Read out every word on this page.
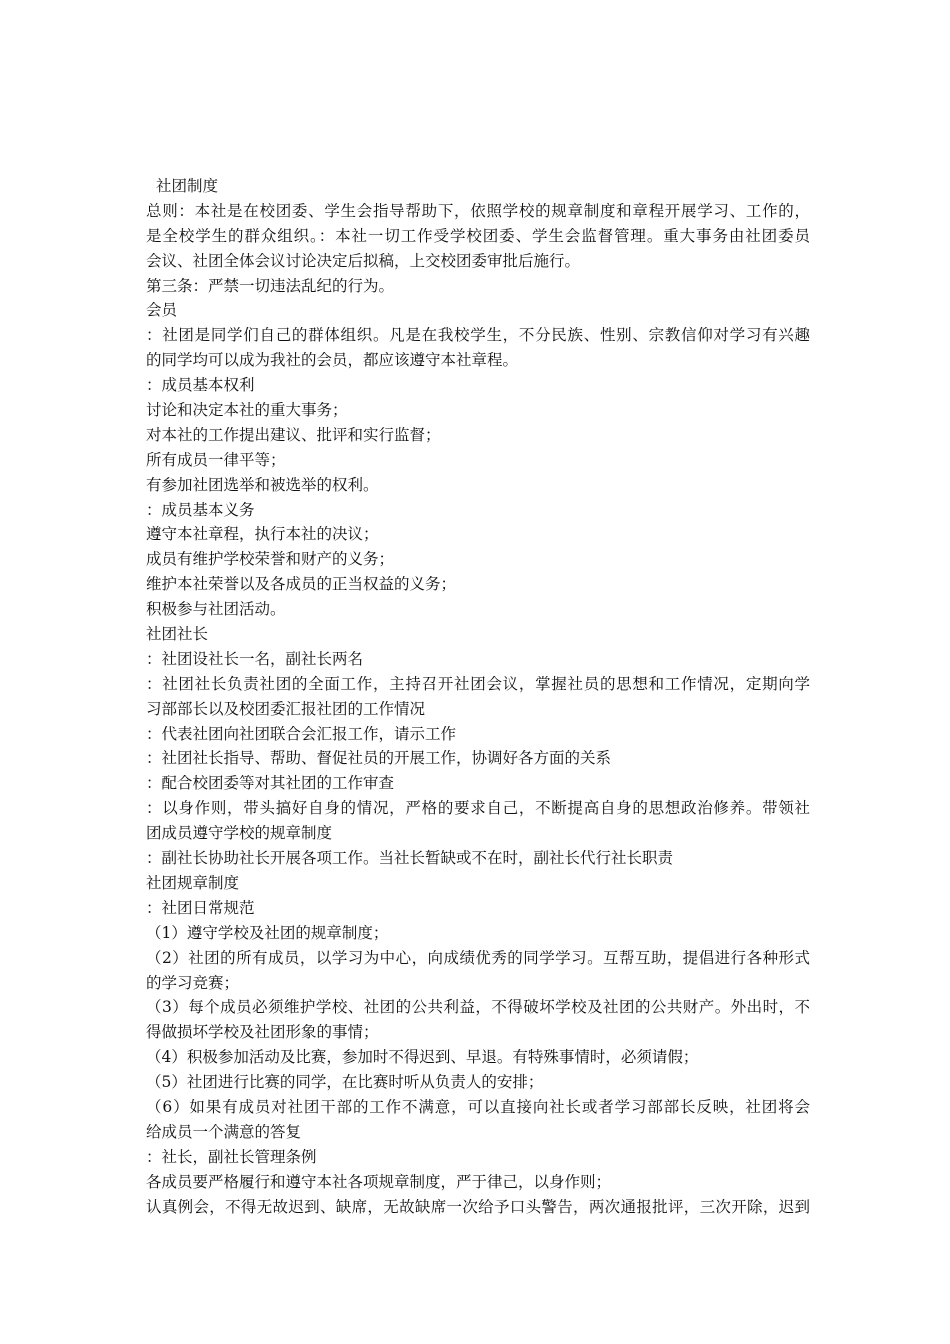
社团制度
总则：本社是在校团委、学生会指导帮助下，依照学校的规章制度和章程开展学习、工作的，
是全校学生的群众组织。：本社一切工作受学校团委、学生会监督管理。重大事务由社团委员
会议、社团全体会议讨论决定后拟稿，上交校团委审批后施行。
第三条：严禁一切违法乱纪的行为。
会员
：社团是同学们自己的群体组织。凡是在我校学生，不分民族、性别、宗教信仰对学习有兴趣
的同学均可以成为我社的会员，都应该遵守本社章程。
：成员基本权利
讨论和决定本社的重大事务；
对本社的工作提出建议、批评和实行监督；
所有成员一律平等；
有参加社团选举和被选举的权利。
：成员基本义务
遵守本社章程，执行本社的决议；
成员有维护学校荣誉和财产的义务；
维护本社荣誉以及各成员的正当权益的义务；
积极参与社团活动。
社团社长
：社团设社长一名，副社长两名
：社团社长负责社团的全面工作，主持召开社团会议，掌握社员的思想和工作情况，定期向学
习部部长以及校团委汇报社团的工作情况
：代表社团向社团联合会汇报工作，请示工作
：社团社长指导、帮助、督促社员的开展工作，协调好各方面的关系
：配合校团委等对其社团的工作审查
：以身作则，带头搞好自身的情况，严格的要求自己，不断提高自身的思想政治修养。带领社
团成员遵守学校的规章制度
：副社长协助社长开展各项工作。当社长暂缺或不在时，副社长代行社长职责
社团规章制度
：社团日常规范
（1）遵守学校及社团的规章制度；
（2）社团的所有成员，以学习为中心，向成绩优秀的同学学习。互帮互助，提倡进行各种形式
的学习竞赛；
（3）每个成员必须维护学校、社团的公共利益，不得破坏学校及社团的公共财产。外出时，不
得做损坏学校及社团形象的事情；
（4）积极参加活动及比赛，参加时不得迟到、早退。有特殊事情时，必须请假；
（5）社团进行比赛的同学，在比赛时听从负责人的安排；
（6）如果有成员对社团干部的工作不满意，可以直接向社长或者学习部部长反映，社团将会
给成员一个满意的答复
：社长，副社长管理条例
各成员要严格履行和遵守本社各项规章制度，严于律己，以身作则；
认真例会，不得无故迟到、缺席，无故缺席一次给予口头警告，两次通报批评，三次开除，迟到
